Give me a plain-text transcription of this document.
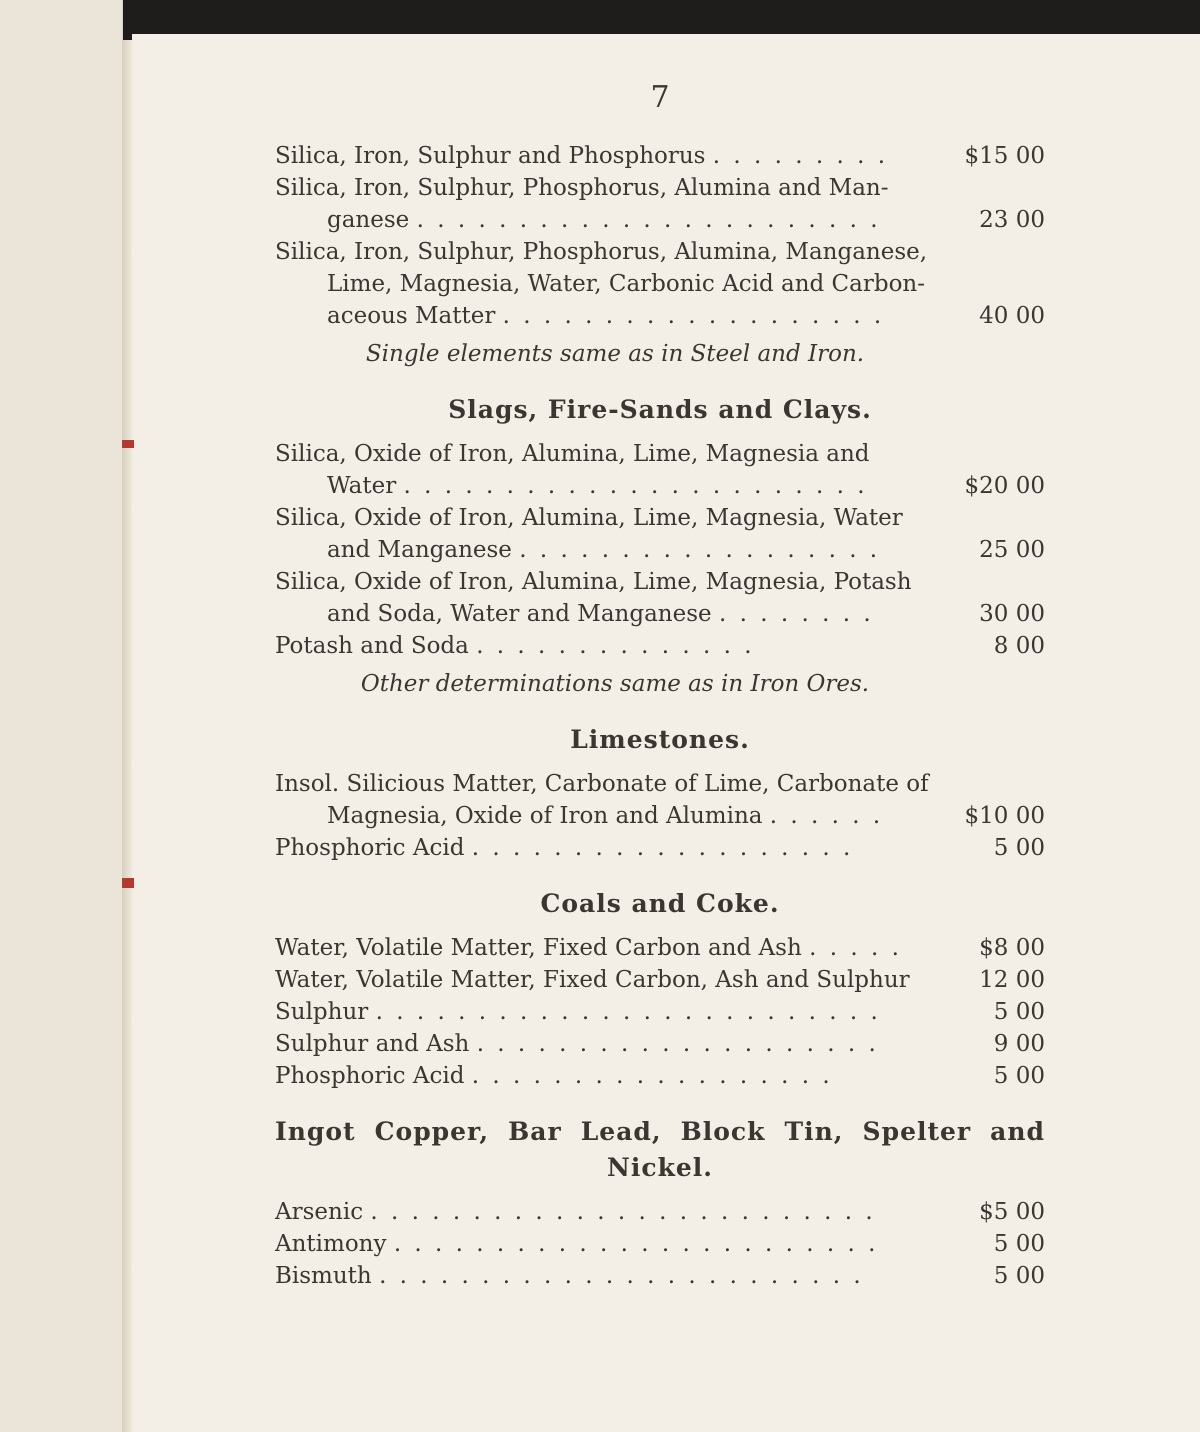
7
Silica, Iron, Sulphur and Phosphorus . . . . . . . . .	$15 00
Silica, Iron, Sulphur, Phosphorus, Alumina and Man-
ganese . . . . . . . . . . . . . . . . . . . . . . .	23 00
Silica, Iron, Sulphur, Phosphorus, Alumina, Manganese,
Lime, Magnesia, Water, Carbonic Acid and Carbon-
aceous Matter . . . . . . . . . . . . . . . . . . .	40 00
Single elements same as in Steel and Iron.
Slags, Fire-Sands and Clays.
Silica, Oxide of Iron, Alumina, Lime, Magnesia and
Water . . . . . . . . . . . . . . . . . . . . . . .	$20 00
Silica, Oxide of Iron, Alumina, Lime, Magnesia, Water
and Manganese . . . . . . . . . . . . . . . . . .	25 00
Silica, Oxide of Iron, Alumina, Lime, Magnesia, Potash
and Soda, Water and Manganese . . . . . . . .	30 00
Potash and Soda . . . . . . . . . . . . . .	8 00
Other determinations same as in Iron Ores.
Limestones.
Insol. Silicious Matter, Carbonate of Lime, Carbonate of
Magnesia, Oxide of Iron and Alumina . . . . . .	$10 00
Phosphoric Acid . . . . . . . . . . . . . . . . . . .	5 00
Coals and Coke.
Water, Volatile Matter, Fixed Carbon and Ash . . . . .	$8 00
Water, Volatile Matter, Fixed Carbon, Ash and Sulphur	12 00
Sulphur . . . . . . . . . . . . . . . . . . . . . . . . .	5 00
Sulphur and Ash . . . . . . . . . . . . . . . . . . . .	9 00
Phosphoric Acid . . . . . . . . . . . . . . . . . .	5 00
Ingot Copper, Bar Lead, Block Tin, Spelter and
Nickel.
Arsenic . . . . . . . . . . . . . . . . . . . . . . . . .	$5 00
Antimony . . . . . . . . . . . . . . . . . . . . . . . .	5 00
Bismuth . . . . . . . . . . . . . . . . . . . . . . . .	5 00
